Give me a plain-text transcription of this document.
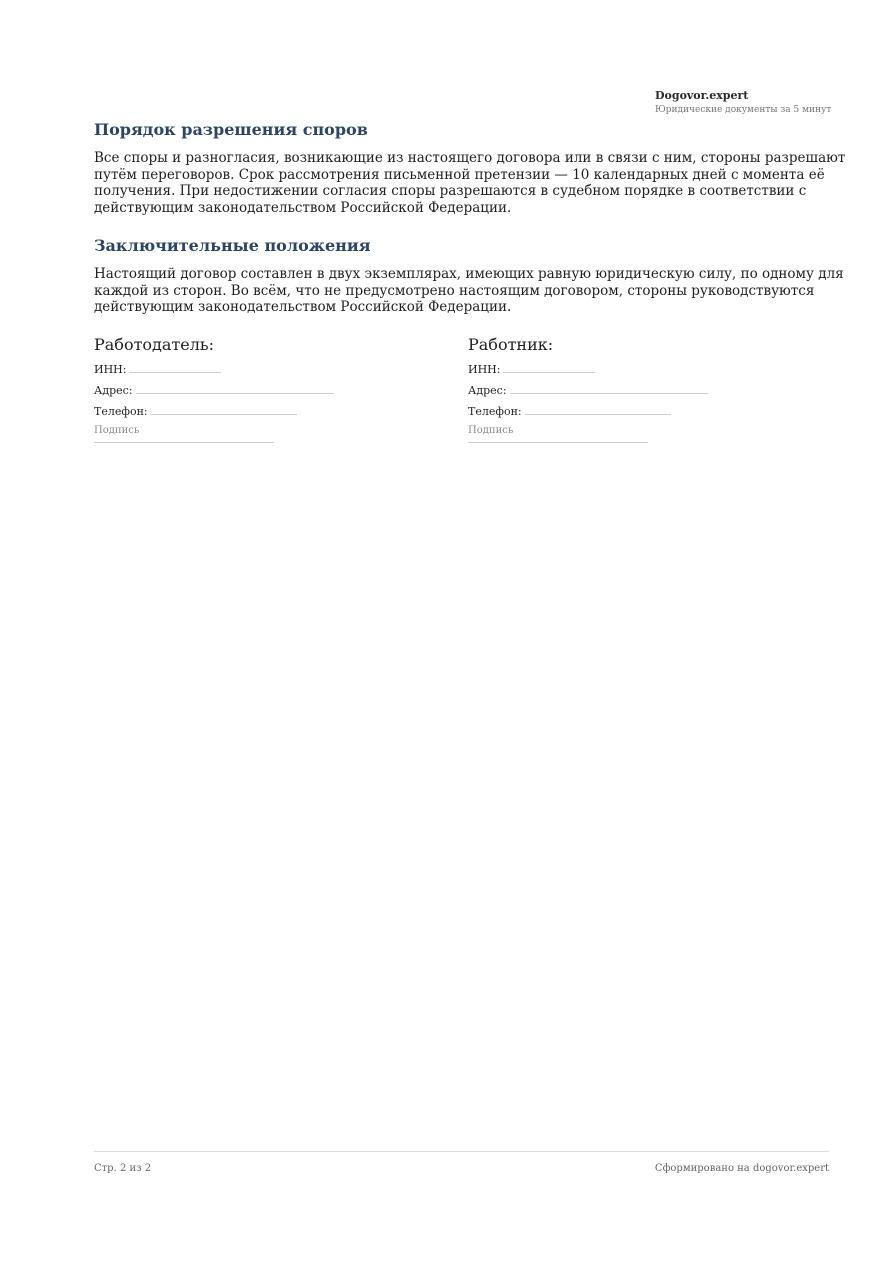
Dogovor.expert
Юридические документы за 5 минут
Порядок разрешения споров

Все споры и разногласия, возникающие из настоящего договора или в связи с ним, стороны разрешают путём переговоров. Срок рассмотрения письменной претензии — 10 календарных дней с момента её получения. При недостижении согласия споры разрешаются в судебном порядке в соответствии с действующим законодательством Российской Федерации.

Заключительные положения

Настоящий договор составлен в двух экземплярах, имеющих равную юридическую силу, по одному для каждой из сторон. Во всём, что не предусмотрено настоящим договором, стороны руководствуются действующим законодательством Российской Федерации.

Работодатель:
ИНН:
Адрес:
Телефон:
Подпись
Работник:
ИНН:
Адрес:
Телефон:
Подпись
Стр. 2 из 2	Сформировано на dogovor.expert
